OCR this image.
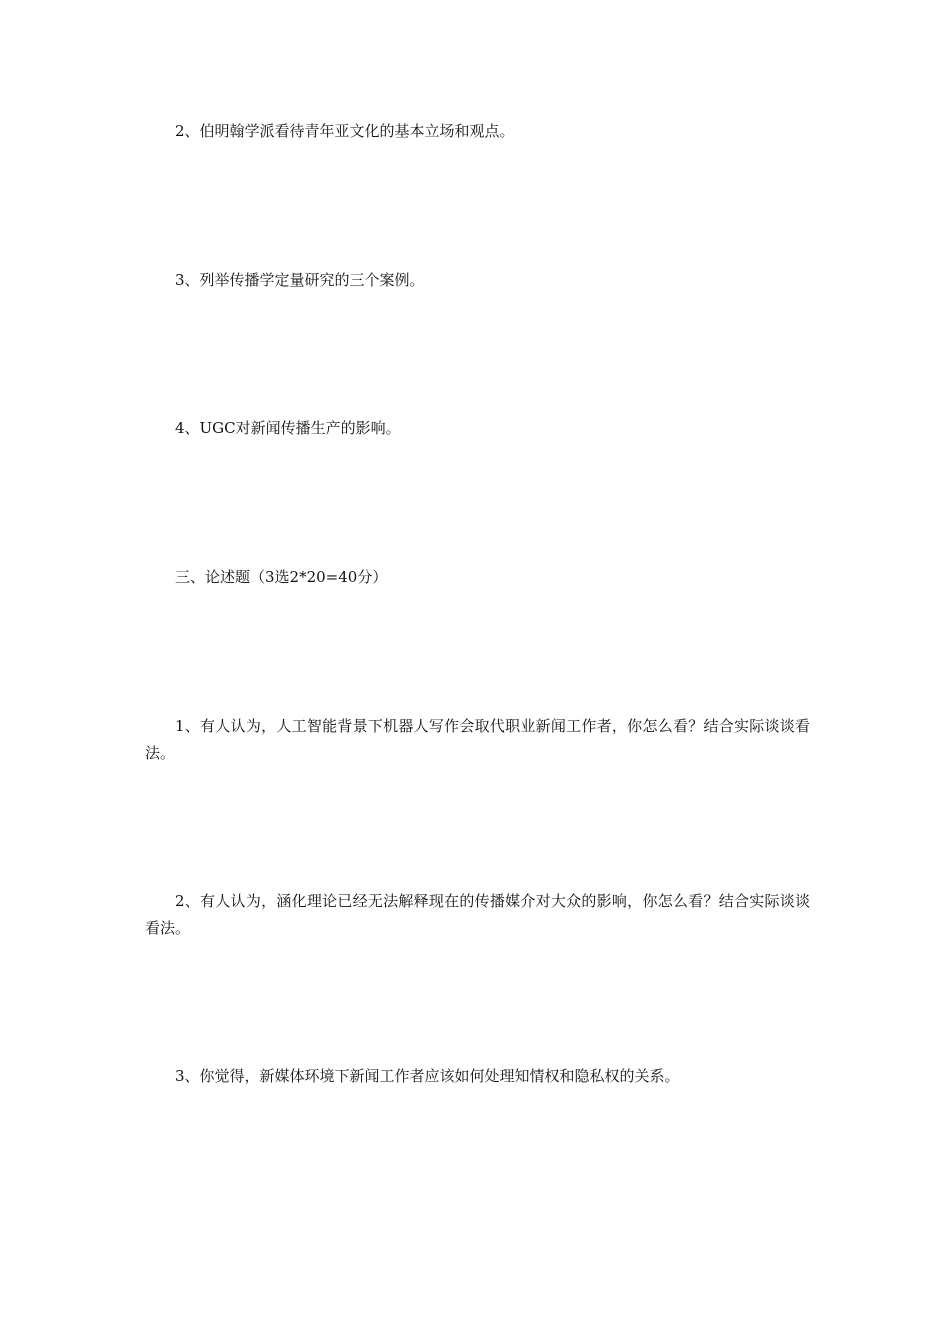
2、伯明翰学派看待青年亚文化的基本立场和观点。
3、列举传播学定量研究的三个案例。
4、UGC对新闻传播生产的影响。
三、论述题（3选2*20=40分）
1、有人认为，人工智能背景下机器人写作会取代职业新闻工作者，你怎么看？结合实际谈谈看法。
2、有人认为，涵化理论已经无法解释现在的传播媒介对大众的影响，你怎么看？结合实际谈谈看法。
3、你觉得，新媒体环境下新闻工作者应该如何处理知情权和隐私权的关系。
